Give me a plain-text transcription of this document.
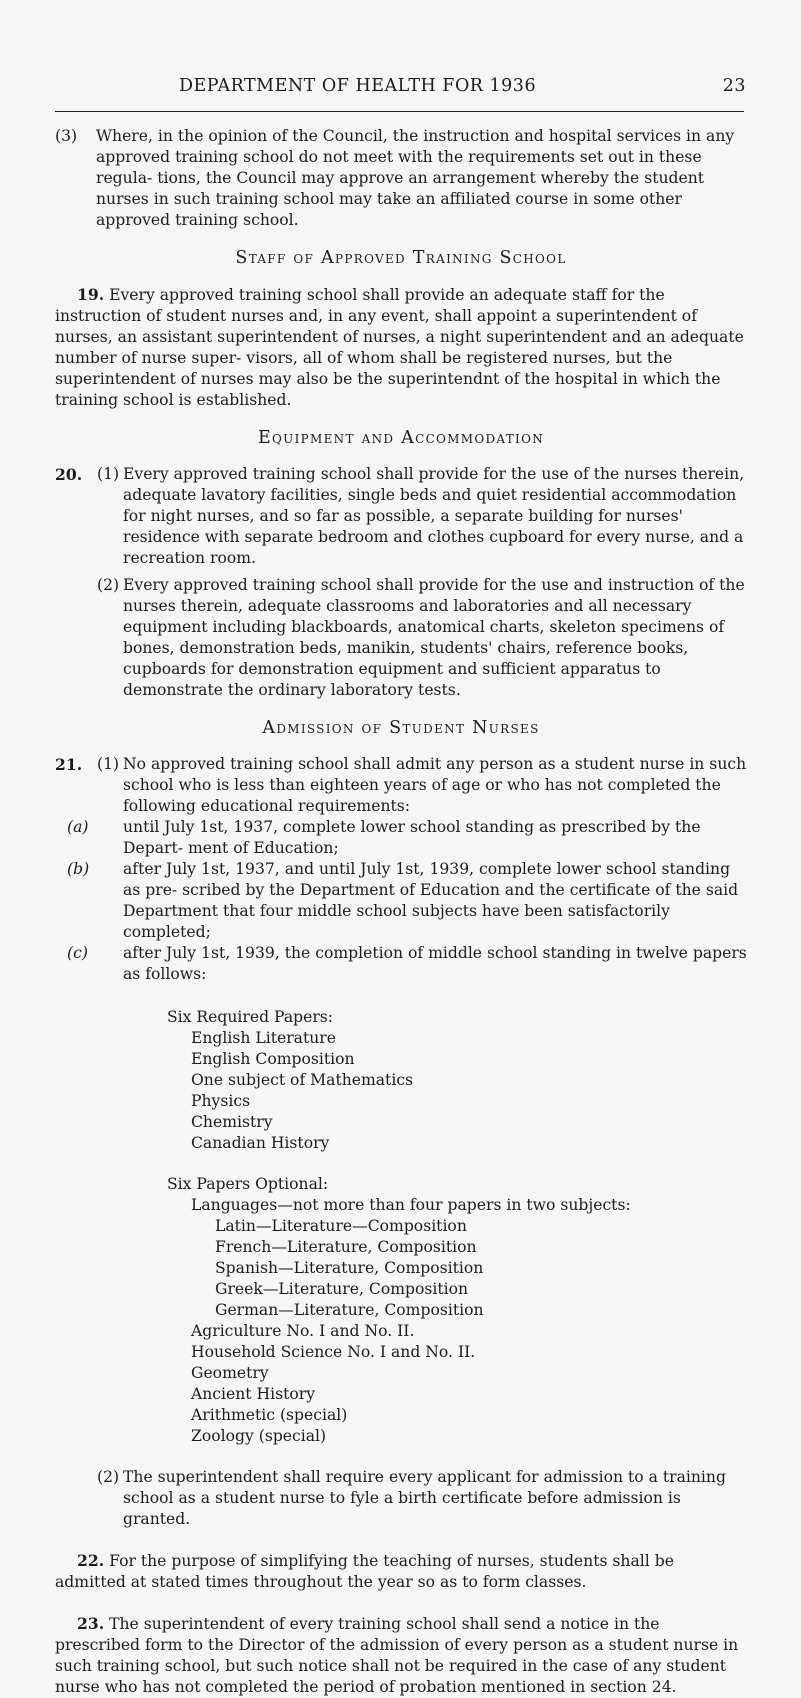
DEPARTMENT OF HEALTH FOR 1936	23
(3)	Where, in the opinion of the Council, the instruction and hospital services in any approved training school do not meet with the requirements set out in these regula- tions, the Council may approve an arrangement whereby the student nurses in such training school may take an affiliated course in some other approved training school.

Staff of Approved Training School

19. Every approved training school shall provide an adequate staff for the instruction of student nurses and, in any event, shall appoint a superintendent of nurses, an assistant superintendent of nurses, a night superintendent and an adequate number of nurse super- visors, all of whom shall be registered nurses, but the superintendent of nurses may also be the superintendnt of the hospital in which the training school is established.

Equipment and Accommodation
20. (1) Every approved training school shall provide for the use of the nurses therein, adequate lavatory facilities, single beds and quiet residential accommodation for night nurses, and so far as possible, a separate building for nurses' residence with separate bedroom and clothes cupboard for every nurse, and a recreation room.

(2) Every approved training school shall provide for the use and instruction of the nurses therein, adequate classrooms and laboratories and all necessary equipment including blackboards, anatomical charts, skeleton specimens of bones, demonstration beds, manikin, students' chairs, reference books, cupboards for demonstration equipment and sufficient apparatus to demonstrate the ordinary laboratory tests.

Admission of Student Nurses
21. (1) No approved training school shall admit any person as a student nurse in such school who is less than eighteen years of age or who has not completed the following educational requirements:

(a)	until July 1st, 1937, complete lower school standing as prescribed by the Depart- ment of Education;

(b)	after July 1st, 1937, and until July 1st, 1939, complete lower school standing as pre- scribed by the Department of Education and the certificate of the said Department that four middle school subjects have been satisfactorily completed;

(c)	after July 1st, 1939, the completion of middle school standing in twelve papers as follows:

Six Required Papers:
English Literature
English Composition
One subject of Mathematics
Physics
Chemistry
Canadian History
Six Papers Optional:
Languages—not more than four papers in two subjects:
Latin—Literature—Composition
French—Literature, Composition
Spanish—Literature, Composition
Greek—Literature, Composition
German—Literature, Composition
Agriculture No. I and No. II.
Household Science No. I and No. II.
Geometry
Ancient History
Arithmetic (special)
Zoology (special)
(2) The superintendent shall require every applicant for admission to a training school as a student nurse to fyle a birth certificate before admission is granted.

22. For the purpose of simplifying the teaching of nurses, students shall be admitted at stated times throughout the year so as to form classes.

23. The superintendent of every training school shall send a notice in the prescribed form to the Director of the admission of every person as a student nurse in such training school, but such notice shall not be required in the case of any student nurse who has not completed the period of probation mentioned in section 24.
